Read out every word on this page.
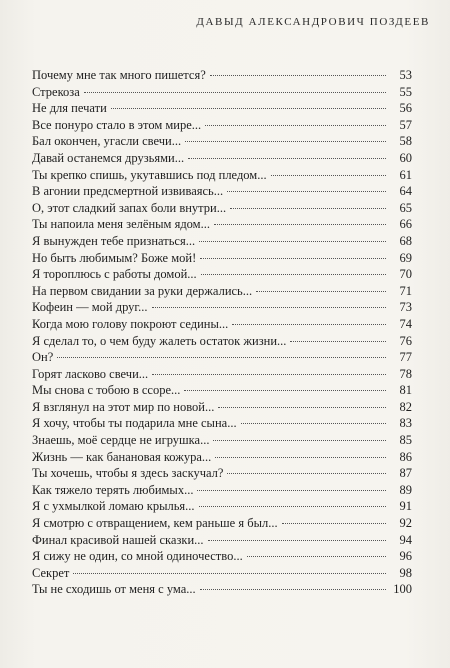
ДАВЫД АЛЕКСАНДРОВИЧ ПОЗДЕЕВ
Почему мне так много пишется?	53
Стрекоза	55
Не для печати	56
Все понуро стало в этом мире...	57
Бал окончен, угасли свечи...	58
Давай останемся друзьями...	60
Ты крепко спишь, укутавшись под пледом...	61
В агонии предсмертной извиваясь...	64
О, этот сладкий запах боли внутри...	65
Ты напоила меня зелёным ядом...	66
Я вынужден тебе признаться...	68
Но быть любимым? Боже мой!	69
Я тороплюсь с работы домой...	70
На первом свидании за руки держались...	71
Кофеин — мой друг...	73
Когда мою голову покроют седины...	74
Я сделал то, о чем буду жалеть остаток жизни...	76
Он?	77
Горят ласково свечи...	78
Мы снова с тобою в ссоре...	81
Я взглянул на этот мир по новой...	82
Я хочу, чтобы ты подарила мне сына...	83
Знаешь, моё сердце не игрушка...	85
Жизнь — как банановая кожура...	86
Ты хочешь, чтобы я здесь заскучал?	87
Как тяжело терять любимых...	89
Я с ухмылкой ломаю крылья...	91
Я смотрю с отвращением, кем раньше я был...	92
Финал красивой нашей сказки...	94
Я сижу не один, со мной одиночество...	96
Секрет	98
Ты не сходишь от меня с ума...	100
